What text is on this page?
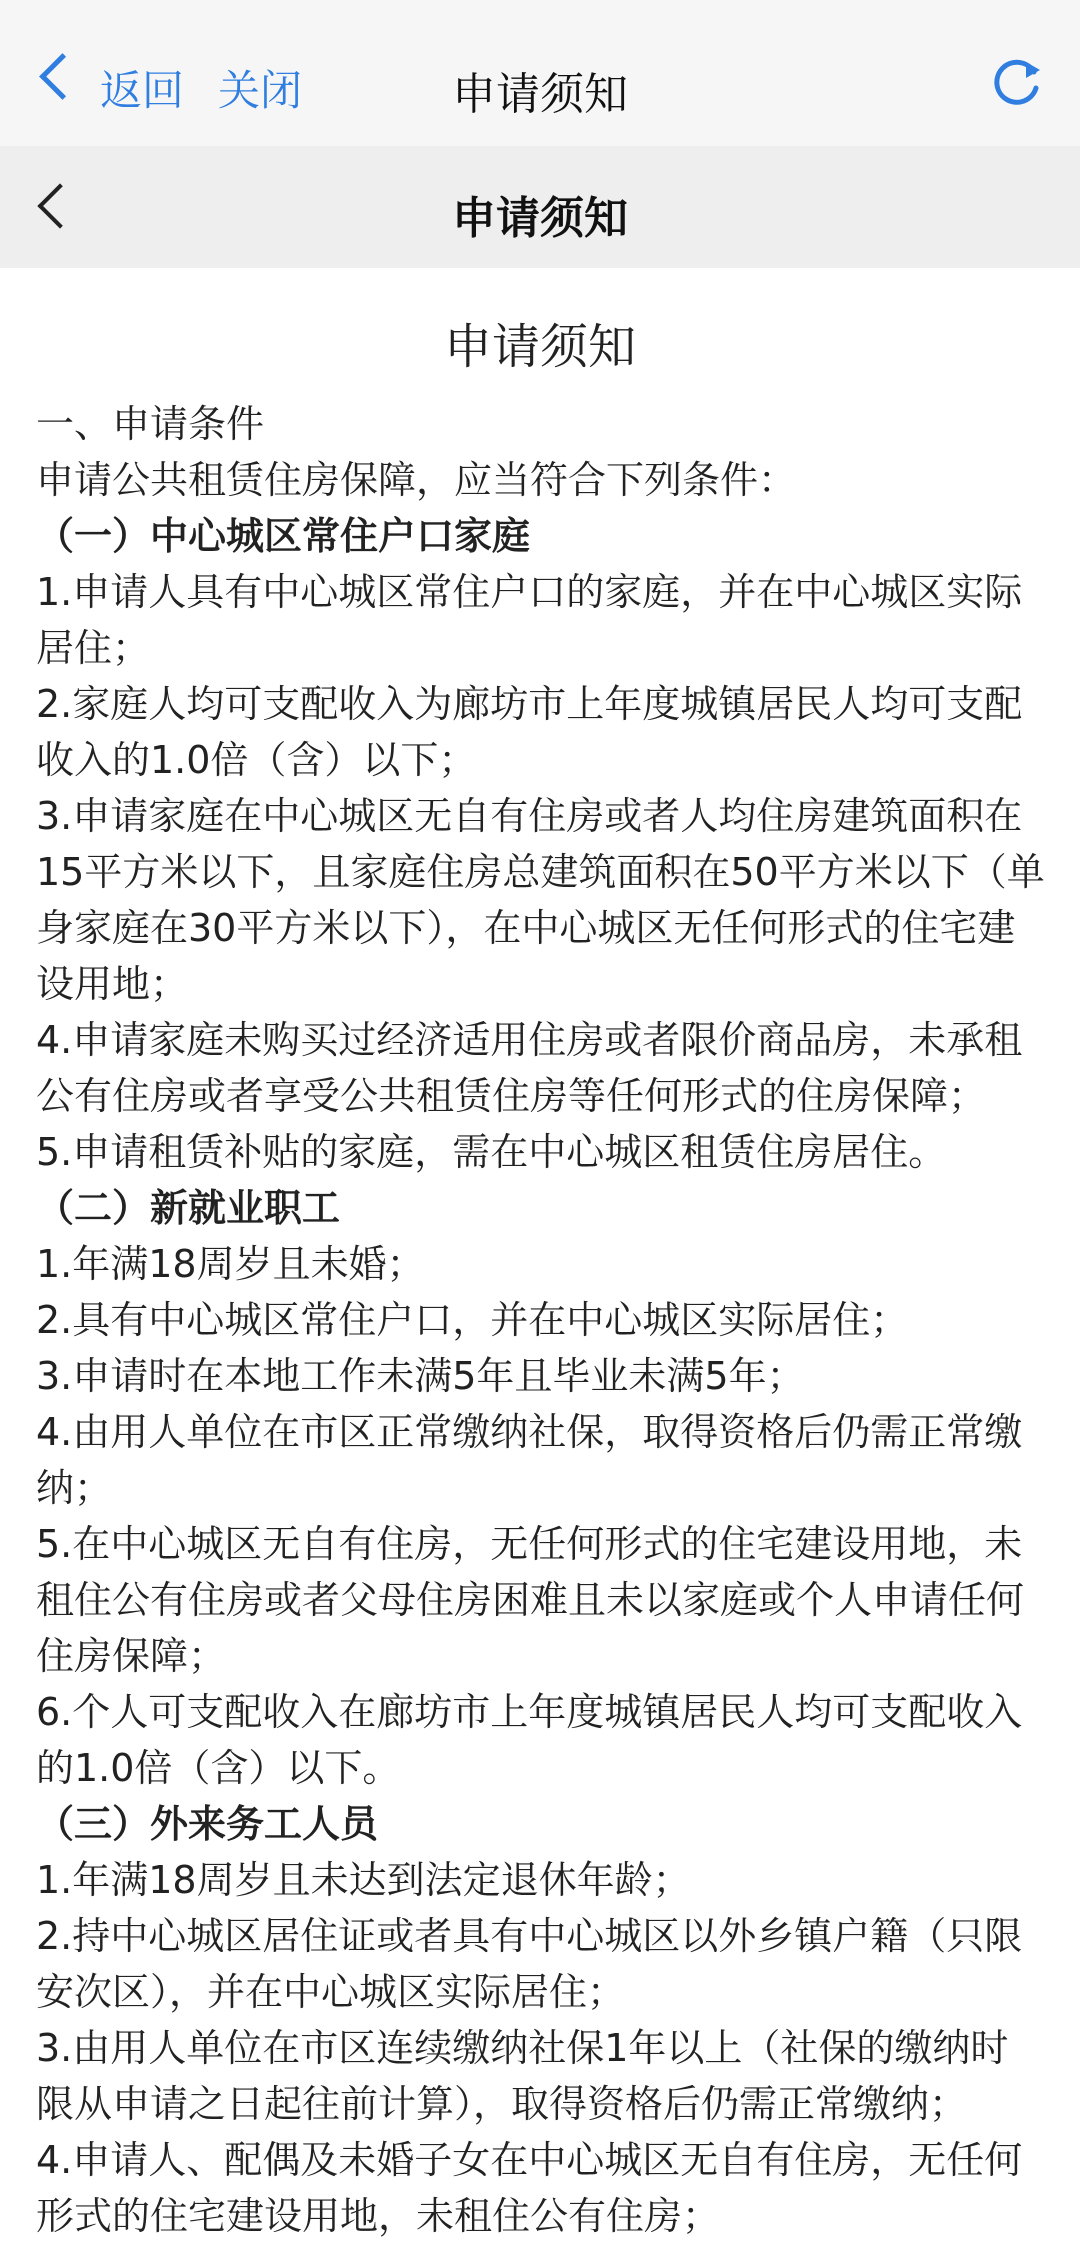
返回 关闭	申请须知
申请须知
申请须知

一、申请条件

申请公共租赁住房保障，应当符合下列条件：

（一）中心城区常住户口家庭

1.申请人具有中心城区常住户口的家庭，并在中心城区实际居住；

2.家庭人均可支配收入为廊坊市上年度城镇居民人均可支配收入的1.0倍（含）以下；

3.申请家庭在中心城区无自有住房或者人均住房建筑面积在15平方米以下，且家庭住房总建筑面积在50平方米以下（单身家庭在30平方米以下），在中心城区无任何形式的住宅建设用地；

4.申请家庭未购买过经济适用住房或者限价商品房，未承租公有住房或者享受公共租赁住房等任何形式的住房保障；

5.申请租赁补贴的家庭，需在中心城区租赁住房居住。

（二）新就业职工

1.年满18周岁且未婚；

2.具有中心城区常住户口，并在中心城区实际居住；

3.申请时在本地工作未满5年且毕业未满5年；

4.由用人单位在市区正常缴纳社保，取得资格后仍需正常缴纳；

5.在中心城区无自有住房，无任何形式的住宅建设用地，未租住公有住房或者父母住房困难且未以家庭或个人申请任何住房保障；

6.个人可支配收入在廊坊市上年度城镇居民人均可支配收入的1.0倍（含）以下。

（三）外来务工人员

1.年满18周岁且未达到法定退休年龄；

2.持中心城区居住证或者具有中心城区以外乡镇户籍（只限安次区），并在中心城区实际居住；

3.由用人单位在市区连续缴纳社保1年以上（社保的缴纳时限从申请之日起往前计算），取得资格后仍需正常缴纳；

4.申请人、配偶及未婚子女在中心城区无自有住房，无任何形式的住宅建设用地，未租住公有住房；
